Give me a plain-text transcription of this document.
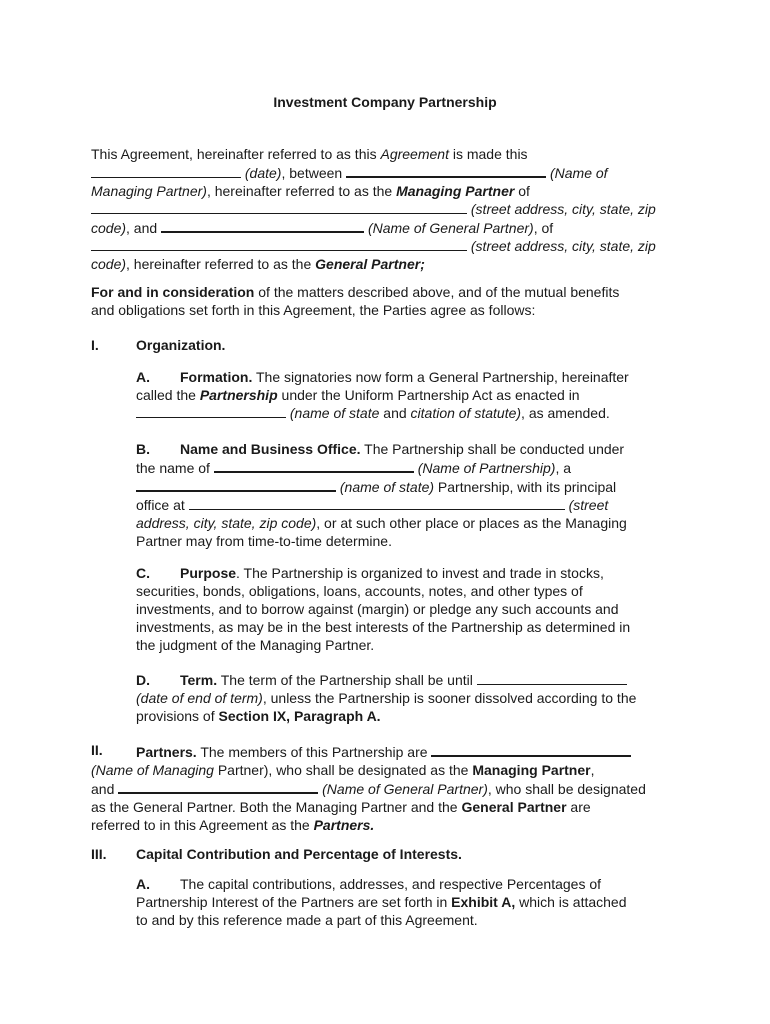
Investment Company Partnership
This Agreement, hereinafter referred to as this Agreement is made this
(date), between	(Name of
Managing Partner), hereinafter referred to as the Managing Partner of
(street address, city, state, zip
code), and	(Name of General Partner), of
(street address, city, state, zip
code), hereinafter referred to as the General Partner;
For and in consideration of the matters described above, and of the mutual benefits
and obligations set forth in this Agreement, the Parties agree as follows:
I.	Organization.
A. Formation. The signatories now form a General Partnership, hereinafter
called the Partnership under the Uniform Partnership Act as enacted in
(name of state and citation of statute), as amended.
B. Name and Business Office. The Partnership shall be conducted under
the name of	(Name of Partnership), a
(name of state) Partnership, with its principal
office at	(street
address, city, state, zip code), or at such other place or places as the Managing
Partner may from time-to-time determine.
C. Purpose. The Partnership is organized to invest and trade in stocks,
securities, bonds, obligations, loans, accounts, notes, and other types of
investments, and to borrow against (margin) or pledge any such accounts and
investments, as may be in the best interests of the Partnership as determined in
the judgment of the Managing Partner.
D. Term. The term of the Partnership shall be until
(date of end of term), unless the Partnership is sooner dissolved according to the
provisions of Section IX, Paragraph A.
II.	Partners. The members of this Partnership are
(Name of Managing Partner), who shall be designated as the Managing Partner,
and	(Name of General Partner), who shall be designated
as the General Partner. Both the Managing Partner and the General Partner are
referred to in this Agreement as the Partners.
III. Capital Contribution and Percentage of Interests.
A. The capital contributions, addresses, and respective Percentages of
Partnership Interest of the Partners are set forth in Exhibit A, which is attached
to and by this reference made a part of this Agreement.
